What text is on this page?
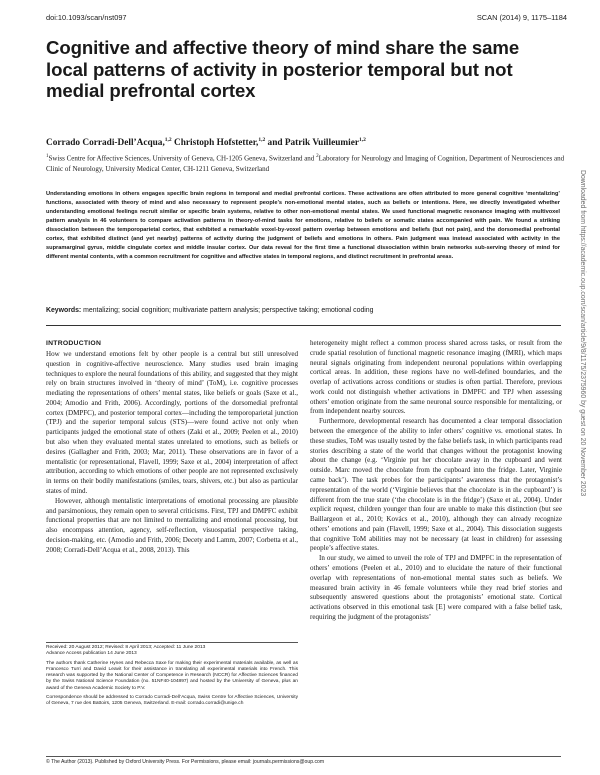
doi:10.1093/scan/nst097	SCAN (2014) 9, 1175–1184
Cognitive and affective theory of mind share the same local patterns of activity in posterior temporal but not medial prefrontal cortex
Corrado Corradi-Dell’Acqua,$^{1,2}$ Christoph Hofstetter,$^{1,2}$ and Patrik Vuilleumier$^{1,2}$
$^1$Swiss Centre for Affective Sciences, University of Geneva, CH-1205 Geneva, Switzerland and $^2$Laboratory for Neurology and Imaging of Cognition, Department of Neurosciences and Clinic of Neurology, University Medical Center, CH-1211 Geneva, Switzerland

Understanding emotions in others engages specific brain regions in temporal and medial prefrontal cortices. These activations are often attributed to more general cognitive ‘mentalizing’ functions, associated with theory of mind and also necessary to represent people’s non-emotional mental states, such as beliefs or intentions. Here, we directly investigated whether understanding emotional feelings recruit similar or specific brain systems, relative to other non-emotional mental states. We used functional magnetic resonance imaging with multivoxel pattern analysis in 46 volunteers to compare activation patterns in theory-of-mind tasks for emotions, relative to beliefs or somatic states accompanied with pain. We found a striking dissociation between the temporoparietal cortex, that exhibited a remarkable voxel-by-voxel pattern overlap between emotions and beliefs (but not pain), and the dorsomedial prefrontal cortex, that exhibited distinct (and yet nearby) patterns of activity during the judgment of beliefs and emotions in others. Pain judgment was instead associated with activity in the supramarginal gyrus, middle cingulate cortex and middle insular cortex. Our data reveal for the first time a functional dissociation within brain networks sub-serving theory of mind for different mental contents, with a common recruitment for cognitive and affective states in temporal regions, and distinct recruitment in prefrontal areas.

Keywords: mentalizing; social cognition; multivariate pattern analysis; perspective taking; emotional coding
INTRODUCTION

How we understand emotions felt by other people is a central but still unresolved question in cognitive-affective neuroscience. Many studies used brain imaging techniques to explore the neural foundations of this ability, and suggested that they might rely on brain structures involved in ‘theory of mind’ (ToM), i.e. cognitive processes mediating the representations of others’ mental states, like beliefs or goals (Saxe et al., 2004; Amodio and Frith, 2006). Accordingly, portions of the dorsomedial prefrontal cortex (DMPFC), and posterior temporal cortex—including the temporoparietal junction (TPJ) and the superior temporal sulcus (STS)—were found active not only when participants judged the emotional state of others (Zaki et al., 2009; Peelen et al., 2010) but also when they evaluated mental states unrelated to emotions, such as beliefs or desires (Gallagher and Frith, 2003; Mar, 2011). These observations are in favor of a mentalistic (or representational, Flavell, 1999; Saxe et al., 2004) interpretation of affect attribution, according to which emotions of other people are not represented exclusively in terms on their bodily manifestations (smiles, tears, shivers, etc.) but also as particular states of mind.

However, although mentalistic interpretations of emotional processing are plausible and parsimonious, they remain open to several criticisms. First, TPJ and DMPFC exhibit functional properties that are not limited to mentalizing and emotional processing, but also encompass attention, agency, self-reflection, visuospatial perspective taking, decision-making, etc. (Amodio and Frith, 2006; Decety and Lamm, 2007; Corbetta et al., 2008; Corradi-Dell’Acqua et al., 2008, 2013). This

heterogeneity might reflect a common process shared across tasks, or result from the crude spatial resolution of functional magnetic resonance imaging (fMRI), which maps neural signals originating from independent neuronal populations within overlapping cortical areas. In addition, these regions have no well-defined boundaries, and the overlap of activations across conditions or studies is often partial. Therefore, previous work could not distinguish whether activations in DMPFC and TPJ when assessing others’ emotion originate from the same neuronal source responsible for mentalizing, or from independent nearby sources.

Furthermore, developmental research has documented a clear temporal dissociation between the emergence of the ability to infer others’ cognitive vs. emotional states. In these studies, ToM was usually tested by the false beliefs task, in which participants read stories describing a state of the world that changes without the protagonist knowing about the change (e.g. ‘Virginie put her chocolate away in the cupboard and went outside. Marc moved the chocolate from the cupboard into the fridge. Later, Virginie came back’). The task probes for the participants’ awareness that the protagonist’s representation of the world (‘Virginie believes that the chocolate is in the cupboard’) is different from the true state (‘the chocolate is in the fridge’) (Saxe et al., 2004). Under explicit request, children younger than four are unable to make this distinction (but see Baillargeon et al., 2010; Kovács et al., 2010), although they can already recognize others’ emotions and pain (Flavell, 1999; Saxe et al., 2004). This dissociation suggests that cognitive ToM abilities may not be necessary (at least in children) for assessing people’s affective states.

In our study, we aimed to unveil the role of TPJ and DMPFC in the representation of others’ emotions (Peelen et al., 2010) and to elucidate the nature of their functional overlap with representations of non-emotional mental states such as beliefs. We measured brain activity in 46 female volunteers while they read brief stories and subsequently answered questions about the protagonists’ emotional state. Cortical activations observed in this emotional task [E] were compared with a false belief task, requiring the judgment of the protagonists’

Received: 20 August 2012; Revised: 8 April 2013; Accepted: 11 June 2013

Advance Access publication 14 June 2013

The authors thank Catherine Hynes and Rebecca Saxe for making their experimental materials available, as well as Francesco Turri and David Leavit for their assistance in translating all experimental materials into French. This research was supported by the National Center of Competence in Research (NCCR) for Affective Sciences financed by the Swiss National Science Foundation (no. 51NF40-104897) and hosted by the University of Geneva, plus an award of the Geneva Academic Society to P.V.

Correspondence should be addressed to Corrado Corradi-Dell’Acqua, Swiss Centre for Affective Sciences, University of Geneva, 7 rue des Battoirs, 1205 Geneva, Switzerland. E-mail: corrado.corradi@unige.ch

© The Author (2013). Published by Oxford University Press. For Permissions, please email: journals.permissions@oup.com
Downloaded from https://academic.oup.com/scan/article/9/8/1175/2375960 by guest on 20 November 2023
